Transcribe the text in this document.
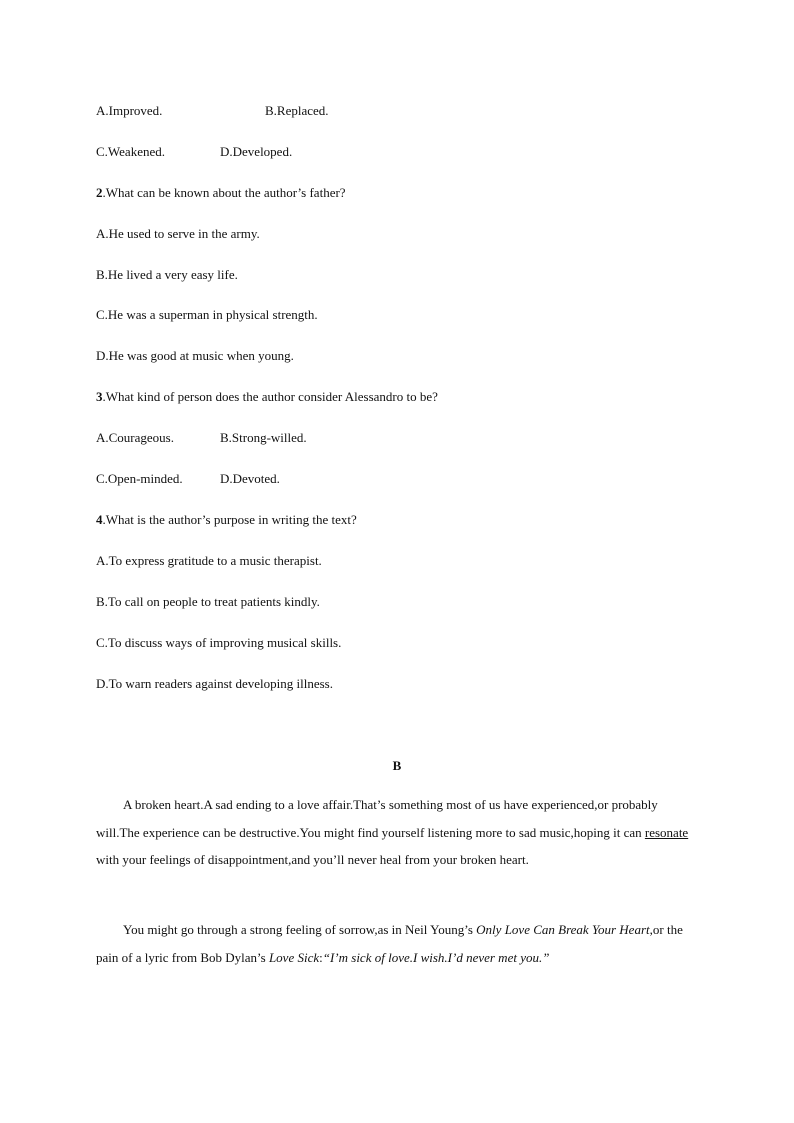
A.Improved.	B.Replaced.
C.Weakened.	D.Developed.
2.What can be known about the author’s father?
A.He used to serve in the army.
B.He lived a very easy life.
C.He was a superman in physical strength.
D.He was good at music when young.
3.What kind of person does the author consider Alessandro to be?
A.Courageous.	B.Strong-willed.
C.Open-minded.	D.Devoted.
4.What is the author’s purpose in writing the text?
A.To express gratitude to a music therapist.
B.To call on people to treat patients kindly.
C.To discuss ways of improving musical skills.
D.To warn readers against developing illness.
B
A broken heart.A sad ending to a love affair.That’s something most of us have experienced,or probably will.The experience can be destructive.You might find yourself listening more to sad music,hoping it can resonate with your feelings of disappointment,and you’ll never heal from your broken heart.
You might go through a strong feeling of sorrow,as in Neil Young’s Only Love Can Break Your Heart,or the pain of a lyric from Bob Dylan’s Love Sick:“I’m sick of love.I wish.I’d never met you.”
